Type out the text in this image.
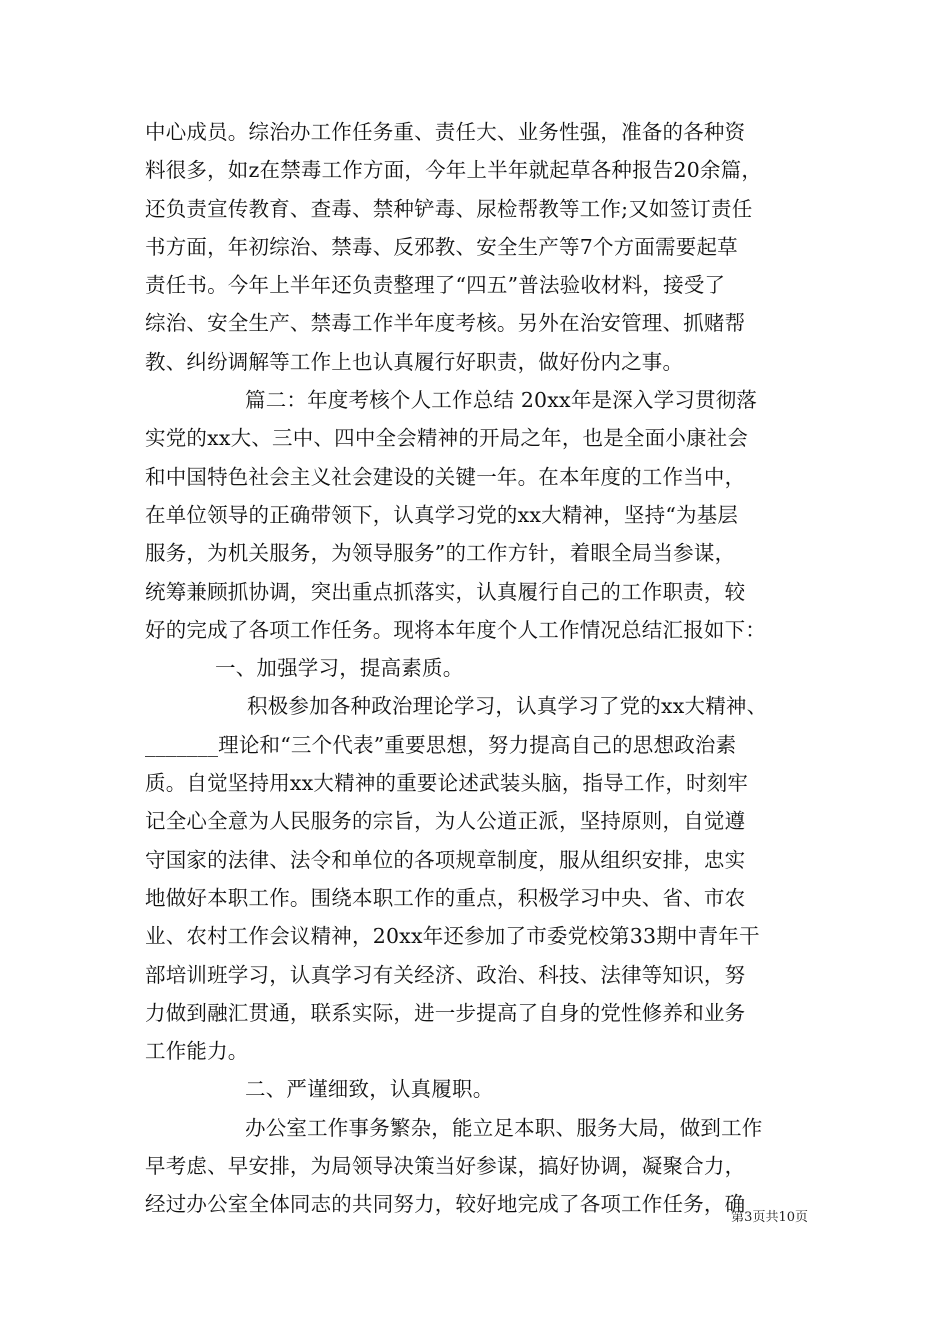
中心成员。综治办工作任务重、责任大、业务性强，准备的各种资
料很多，如z在禁毒工作方面，今年上半年就起草各种报告20余篇，
还负责宣传教育、查毒、禁种铲毒、尿检帮教等工作;又如签订责任
书方面，年初综治、禁毒、反邪教、安全生产等7个方面需要起草
责任书。今年上半年还负责整理了“四五”普法验收材料，接受了
综治、安全生产、禁毒工作半年度考核。另外在治安管理、抓赌帮
教、纠纷调解等工作上也认真履行好职责，做好份内之事。
篇二：年度考核个人工作总结 20xx年是深入学习贯彻落
实党的xx大、三中、四中全会精神的开局之年，也是全面小康社会
和中国特色社会主义社会建设的关键一年。在本年度的工作当中，
在单位领导的正确带领下，认真学习党的xx大精神，坚持“为基层
服务，为机关服务，为领导服务”的工作方针，着眼全局当参谋，
统筹兼顾抓协调，突出重点抓落实，认真履行自己的工作职责，较
好的完成了各项工作任务。现将本年度个人工作情况总结汇报如下：
一、加强学习，提高素质。
积极参加各种政治理论学习，认真学习了党的xx大精神、
_______理论和“三个代表”重要思想，努力提高自己的思想政治素
质。自觉坚持用xx大精神的重要论述武装头脑，指导工作，时刻牢
记全心全意为人民服务的宗旨，为人公道正派，坚持原则，自觉遵
守国家的法律、法令和单位的各项规章制度，服从组织安排，忠实
地做好本职工作。围绕本职工作的重点，积极学习中央、省、市农
业、农村工作会议精神，20xx年还参加了市委党校第33期中青年干
部培训班学习，认真学习有关经济、政治、科技、法律等知识，努
力做到融汇贯通，联系实际，进一步提高了自身的党性修养和业务
工作能力。
二、严谨细致，认真履职。
办公室工作事务繁杂，能立足本职、服务大局，做到工作
早考虑、早安排，为局领导决策当好参谋，搞好协调，凝聚合力，
经过办公室全体同志的共同努力，较好地完成了各项工作任务，确
第3页共10页
